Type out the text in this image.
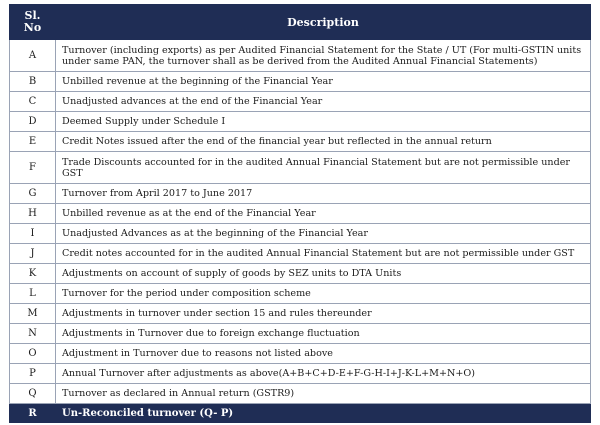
Sl.
No	Description
A	Turnover (including exports) as per Audited Financial Statement for the State / UT (For multi-GSTIN units under same PAN, the turnover shall as be derived from the Audited Annual Financial Statements)
B	Unbilled revenue at the beginning of the Financial Year
C	Unadjusted advances at the end of the Financial Year
D	Deemed Supply under Schedule I
E	Credit Notes issued after the end of the financial year but reflected in the annual return
F	Trade Discounts accounted for in the audited Annual Financial Statement but are not permissible under GST
G	Turnover from April 2017 to June 2017
H	Unbilled revenue as at the end of the Financial Year
I	Unadjusted Advances as at the beginning of the Financial Year
J	Credit notes accounted for in the audited Annual Financial Statement but are not permissible under GST
K	Adjustments on account of supply of goods by SEZ units to DTA Units
L	Turnover for the period under composition scheme
M	Adjustments in turnover under section 15 and rules thereunder
N	Adjustments in Turnover due to foreign exchange fluctuation
O	Adjustment in Turnover due to reasons not listed above
P	Annual Turnover after adjustments as above(A+B+C+D-E+F-G-H-I+J-K-L+M+N+O)
Q	Turnover as declared in Annual return (GSTR9)
R	Un-Reconciled turnover (Q- P)
